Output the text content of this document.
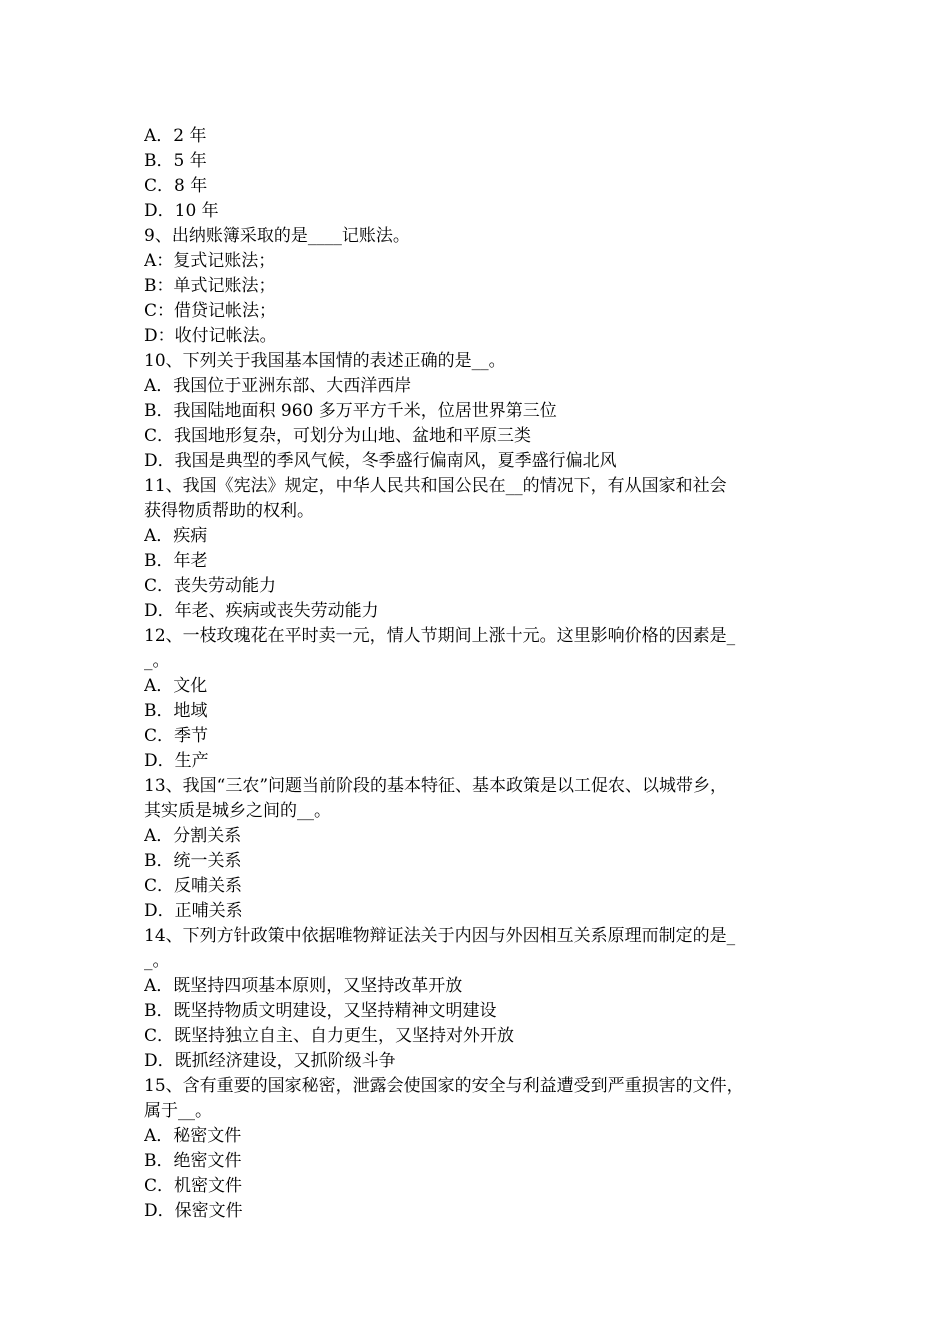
A．2 年
B．5 年
C．8 年
D．10 年
9、出纳账簿采取的是____记账法。
A：复式记账法；
B：单式记账法；
C：借贷记帐法；
D：收付记帐法。
10、下列关于我国基本国情的表述正确的是__。
A．我国位于亚洲东部、大西洋西岸
B．我国陆地面积 960 多万平方千米，位居世界第三位
C．我国地形复杂，可划分为山地、盆地和平原三类
D．我国是典型的季风气候，冬季盛行偏南风，夏季盛行偏北风
11、我国《宪法》规定，中华人民共和国公民在__的情况下，有从国家和社会
获得物质帮助的权利。
A．疾病
B．年老
C．丧失劳动能力
D．年老、疾病或丧失劳动能力
12、一枝玫瑰花在平时卖一元，情人节期间上涨十元。这里影响价格的因素是_
_。
A．文化
B．地域
C．季节
D．生产
13、我国“三农”问题当前阶段的基本特征、基本政策是以工促农、以城带乡，
其实质是城乡之间的__。
A．分割关系
B．统一关系
C．反哺关系
D．正哺关系
14、下列方针政策中依据唯物辩证法关于内因与外因相互关系原理而制定的是_
_。
A．既坚持四项基本原则，又坚持改革开放
B．既坚持物质文明建设，又坚持精神文明建设
C．既坚持独立自主、自力更生，又坚持对外开放
D．既抓经济建设，又抓阶级斗争
15、含有重要的国家秘密，泄露会使国家的安全与利益遭受到严重损害的文件，
属于__。
A．秘密文件
B．绝密文件
C．机密文件
D．保密文件
